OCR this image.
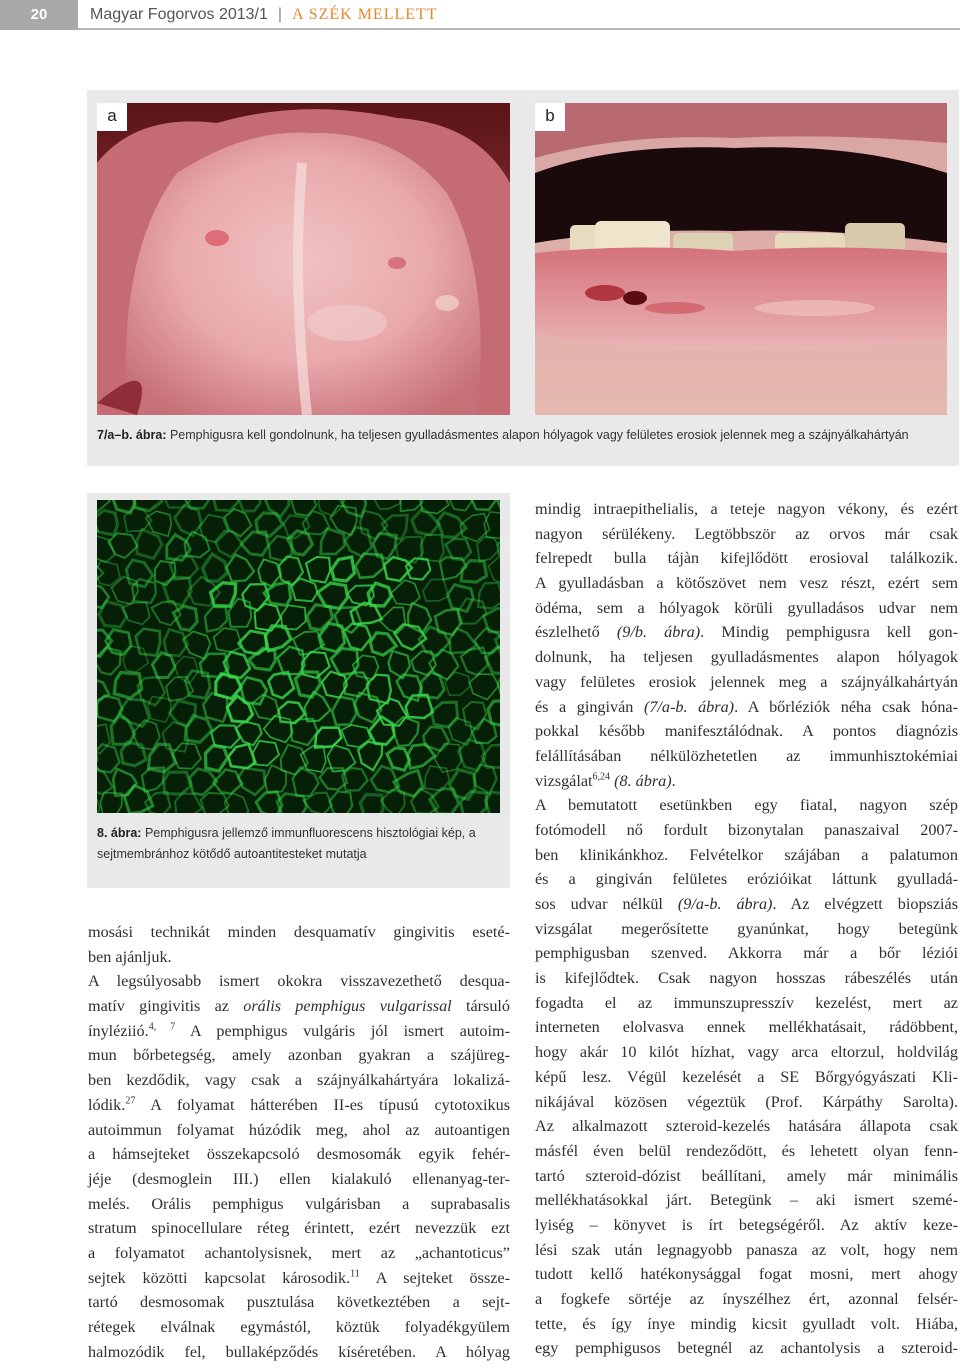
20	Magyar Fogorvos 2013/1 | A SZÉK MELLETT
a	b
7/a–b. ábra: Pemphigusra kell gondolnunk, ha teljesen gyulladásmentes alapon hólyagok vagy felületes erosiok jelennek meg a szájnyálkahártyán
8. ábra: Pemphigusra jellemző immunfluorescens hisztológiai kép, a
sejtmembránhoz kötődő autoantitesteket mutatja
mosási technikát minden desquamatív gingivitis eseté-
ben ajánljuk.
A legsúlyosabb ismert okokra visszavezethető desqua-
matív gingivitis az orális pemphigus vulgarissal társuló
ínyléziió.$^{4, 7}$ A pemphigus vulgáris jól ismert autoim-
mun bőrbetegség, amely azonban gyakran a szájüreg-
ben kezdődik, vagy csak a szájnyálkahártyára lokalizá-
lódik.$^{27}$ A folyamat hátterében II-es típusú cytotoxikus
autoimmun folyamat húzódik meg, ahol az autoantigen
a hámsejteket összekapcsoló desmosomák egyik fehér-
jéje (desmoglein III.) ellen kialakuló ellenanyag-ter-
melés. Orális pemphigus vulgárisban a suprabasalis
stratum spinocellulare réteg érintett, ezért nevezzük ezt
a folyamatot achantolysisnek, mert az „achantoticus”
sejtek közötti kapcsolat károsodik.$^{11}$ A sejteket össze-
tartó desmosomak pusztulása következtében a sejt-
rétegek elválnak egymástól, köztük folyadékgyülem
halmozódik fel, bullaképződés kíséretében. A hólyag
mindig intraepithelialis, a teteje nagyon vékony, és ezért
nagyon sérülékeny. Legtöbbször az orvos már csak
felrepedt bulla tájàn kifejlődött erosioval találkozik.
A gyulladásban a kötőszövet nem vesz részt, ezért sem
ödéma, sem a hólyagok körüli gyulladásos udvar nem
észlelhető (9/b. ábra). Mindig pemphigusra kell gon-
dolnunk, ha teljesen gyulladásmentes alapon hólyagok
vagy felületes erosiok jelennek meg a szájnyálkahártyán
és a gingiván (7/a-b. ábra). A bőrléziók néha csak hóna-
pokkal később manifesztálódnak. A pontos diagnózis
felállításában nélkülözhetetlen az immunhisztokémiai
vizsgálat$^{6,24}$ (8. ábra).
A bemutatott esetünkben egy fiatal, nagyon szép
fotómodell nő fordult bizonytalan panaszaival 2007-
ben klinikánkhoz. Felvételkor szájában a palatumon
és a gingiván felületes erózióikat láttunk gyulladá-
sos udvar nélkül (9/a-b. ábra). Az elvégzett biopsziás
vizsgálat megerősítette gyanúnkat, hogy betegünk
pemphigusban szenved. Akkorra már a bőr léziói
is kifejlődtek. Csak nagyon hosszas rábeszélés után
fogadta el az immunszupresszív kezelést, mert az
interneten elolvasva ennek mellékhatásait, rádöbbent,
hogy akár 10 kilót hízhat, vagy arca eltorzul, holdvilág
képű lesz. Végül kezelését a SE Bőrgyógyászati Kli-
nikájával közösen végeztük (Prof. Kárpáthy Sarolta).
Az alkalmazott szteroid-kezelés hatására állapota csak
másfél éven belül rendeződött, és lehetett olyan fenn-
tartó szteroid-dózist beállítani, amely már minimális
mellékhatásokkal járt. Betegünk – aki ismert szemé-
lyiség – könyvet is írt betegségéről. Az aktív keze-
lési szak után legnagyobb panasza az volt, hogy nem
tudott kellő hatékonysággal fogat mosni, mert ahogy
a fogkefe sörtéje az ínyszélhez ért, azonnal felsér-
tette, és így ínye mindig kicsit gyulladt volt. Hiába,
egy pemphigusos betegnél az achantolysis a szteroid-
